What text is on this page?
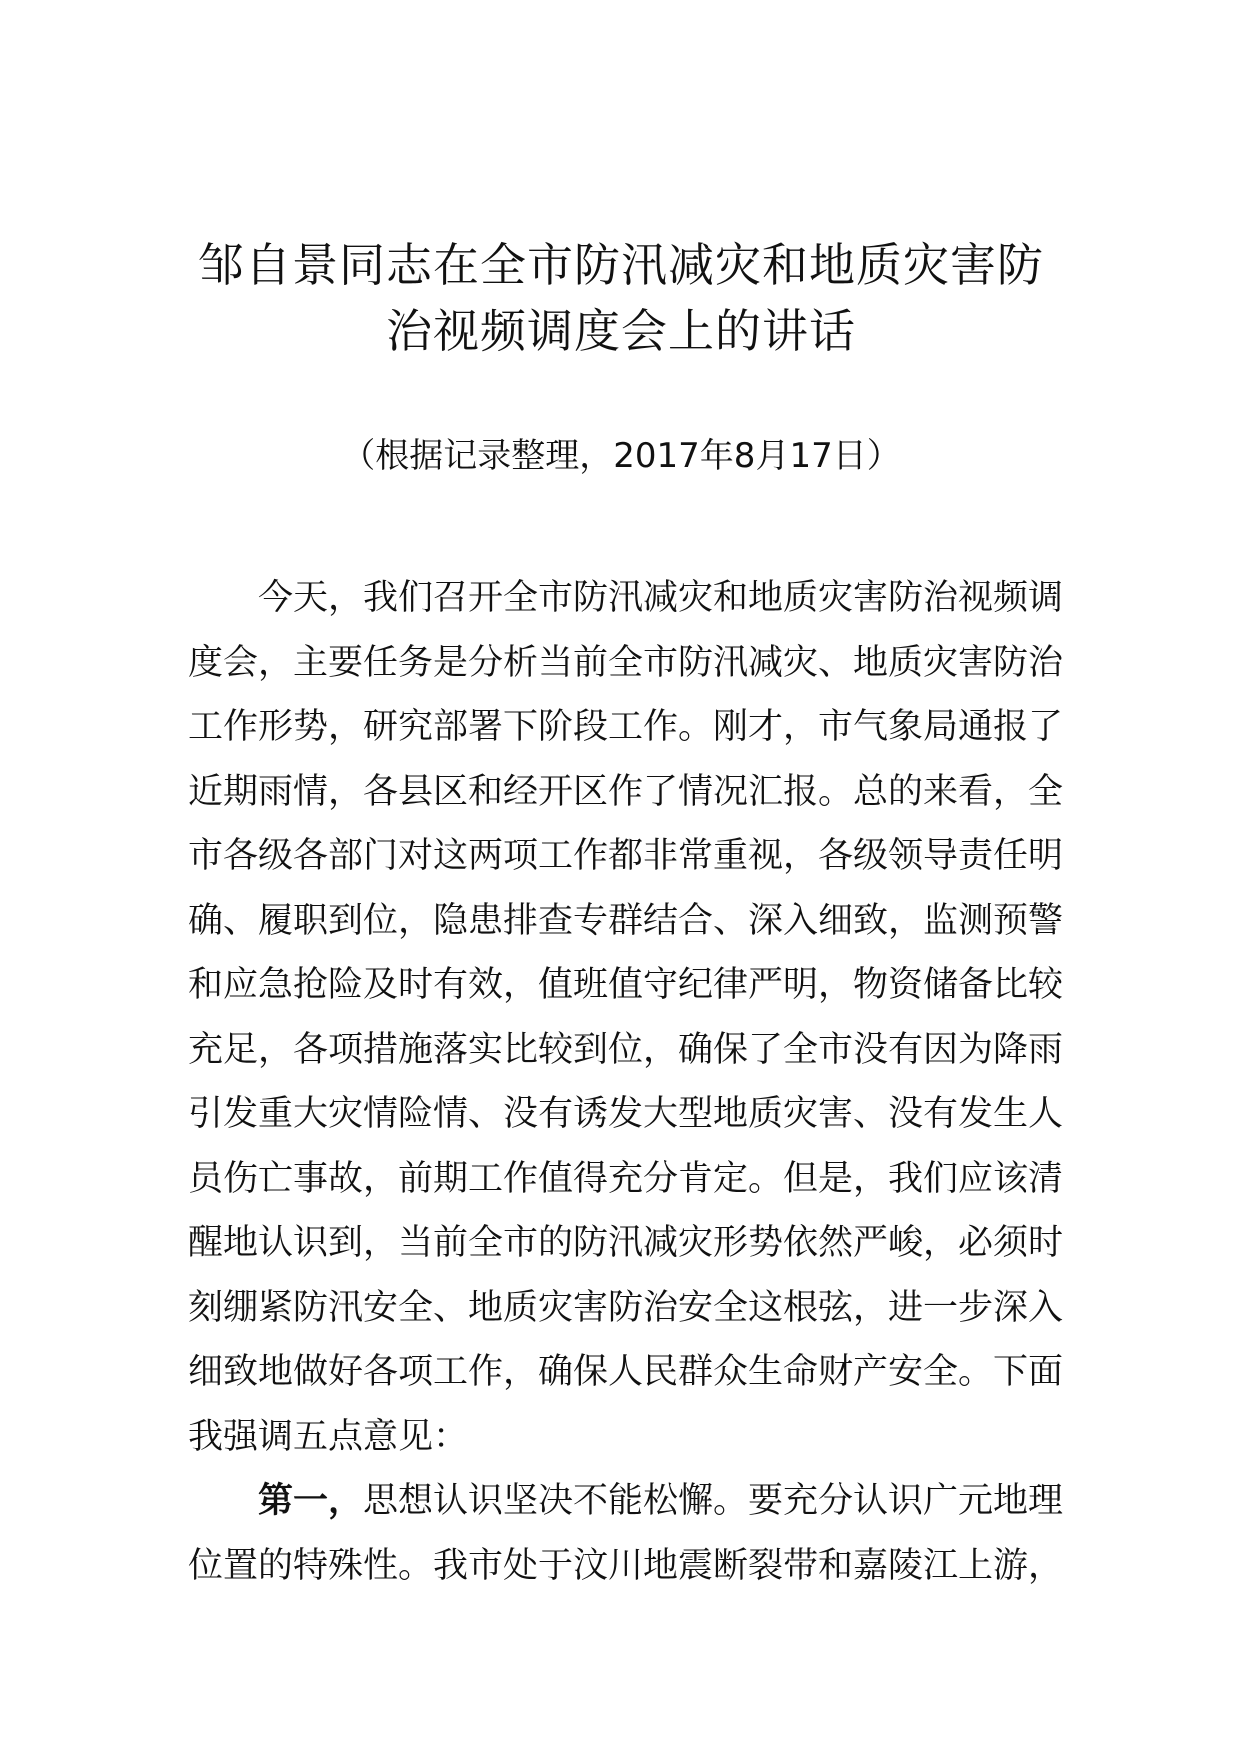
邹自景同志在全市防汛减灾和地质灾害防
治视频调度会上的讲话

（根据记录整理，2017年8月17日）

今天，我们召开全市防汛减灾和地质灾害防治视频调
度会，主要任务是分析当前全市防汛减灾、地质灾害防治
工作形势，研究部署下阶段工作。刚才，市气象局通报了
近期雨情，各县区和经开区作了情况汇报。总的来看，全
市各级各部门对这两项工作都非常重视，各级领导责任明
确、履职到位，隐患排查专群结合、深入细致，监测预警
和应急抢险及时有效，值班值守纪律严明，物资储备比较
充足，各项措施落实比较到位，确保了全市没有因为降雨
引发重大灾情险情、没有诱发大型地质灾害、没有发生人
员伤亡事故，前期工作值得充分肯定。但是，我们应该清
醒地认识到，当前全市的防汛减灾形势依然严峻，必须时
刻绷紧防汛安全、地质灾害防治安全这根弦，进一步深入
细致地做好各项工作，确保人民群众生命财产安全。下面
我强调五点意见：
第一，思想认识坚决不能松懈。要充分认识广元地理
位置的特殊性。我市处于汶川地震断裂带和嘉陵江上游，
